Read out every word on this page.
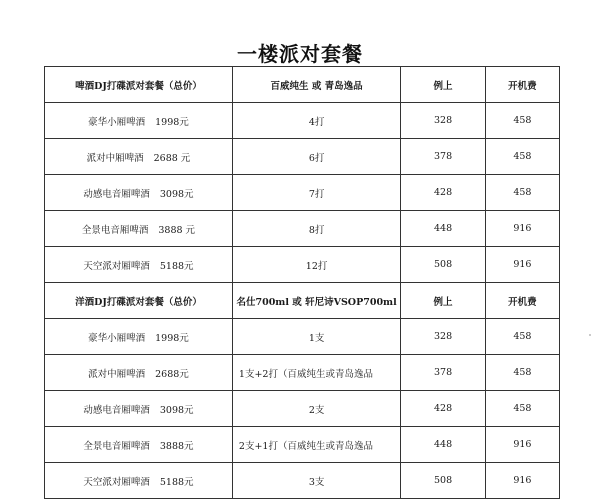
一楼派对套餐
啤酒DJ打碟派对套餐（总价）	百威纯生 或 青岛逸品	例上	开机费
豪华小厢啤酒 1998元	4打	328	458
派对中厢啤酒 2688 元	6打	378	458
动感电音厢啤酒 3098元	7打	428	458
全景电音厢啤酒 3888 元	8打	448	916
天空派对厢啤酒 5188元	12打	508	916
洋酒DJ打碟派对套餐（总价）	名仕700ml 或 轩尼诗VSOP700ml	例上	开机费
豪华小厢啤酒 1998元	1支	328	458
派对中厢啤酒 2688元	1支+2打（百威纯生或青岛逸品	378	458
动感电音厢啤酒 3098元	2支	428	458
全景电音厢啤酒 3888元	2支+1打（百威纯生或青岛逸品	448	916
天空派对厢啤酒 5188元	3支	508	916
